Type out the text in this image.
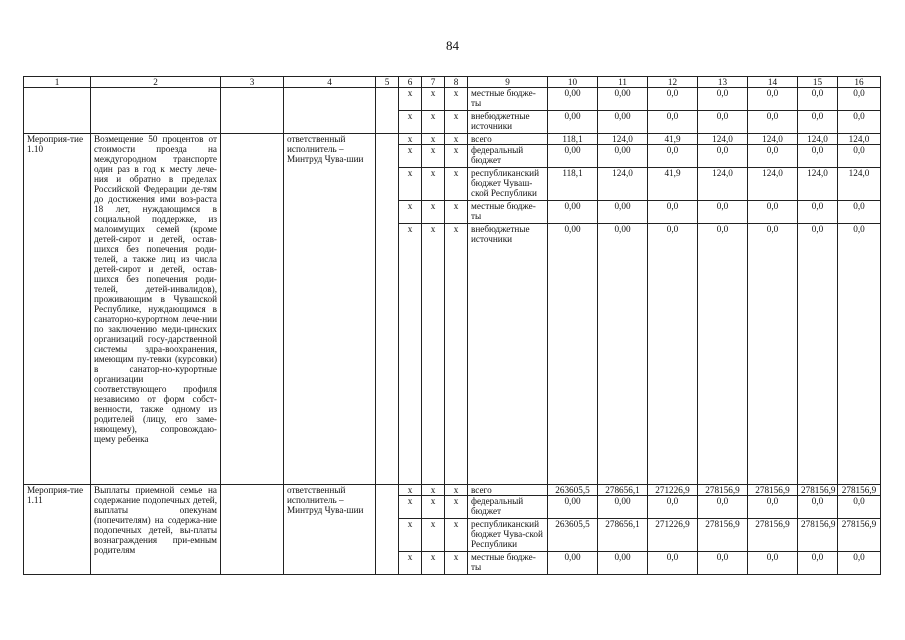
84
1	2	3	4	5	6	7	8	9	10	11	12	13	14	15	16
					x	x	x	местные бюдже-ты	0,00	0,00	0,0	0,0	0,0	0,0	0,0
					x	x	x	внебюджетные источники	0,00	0,00	0,0	0,0	0,0	0,0	0,0
Мероприя-тие 1.10	Возмещение 50 процентов от стоимости проезда на междугородном транспорте один раз в год к месту лече-ния и обратно в пределах Российской Федерации де-тям до достижения ими воз-раста 18 лет, нуждающимся в социальной поддержке, из малоимущих семей (кроме детей-сирот и детей, остав-шихся без попечения роди-телей, а также лиц из числа детей-сирот и детей, остав-шихся без попечения роди-телей, детей-инвалидов), проживающим в Чувашской Республике, нуждающимся в санаторно-курортном лече-нии по заключению меди-цинских организаций госу-дарственной системы здра-воохранения, имеющим пу-тевки (курсовки) в санатор-но-курортные организации соответствующего профиля независимо от форм собст-венности, также одному из родителей (лицу, его заме-няющему), сопровождаю-щему ребенка		ответственный исполнитель – Минтруд Чува-шии		x	x	x	всего	118,1	124,0	41,9	124,0	124,0	124,0	124,0
					x	x	x	федеральный бюджет	0,00	0,00	0,0	0,0	0,0	0,0	0,0
					x	x	x	республиканский бюджет Чуваш-ской Республики	118,1	124,0	41,9	124,0	124,0	124,0	124,0
					x	x	x	местные бюдже-ты	0,00	0,00	0,0	0,0	0,0	0,0	0,0
					x	x	x	внебюджетные источники	0,00	0,00	0,0	0,0	0,0	0,0	0,0
Мероприя-тие 1.11	Выплаты приемной семье на содержание подопечных детей, выплаты опекунам (попечителям) на содержа-ние подопечных детей, вы-платы вознаграждения при-емным родителям		ответственный исполнитель – Минтруд Чува-шии		x	x	x	всего	263605,5	278656,1	271226,9	278156,9	278156,9	278156,9	278156,9
					x	x	x	федеральный бюджет	0,00	0,00	0,0	0,0	0,0	0,0	0,0
					x	x	x	республиканский бюджет Чува-ской Республики	263605,5	278656,1	271226,9	278156,9	278156,9	278156,9	278156,9
					x	x	x	местные бюдже-ты	0,00	0,00	0,0	0,0	0,0	0,0	0,0
